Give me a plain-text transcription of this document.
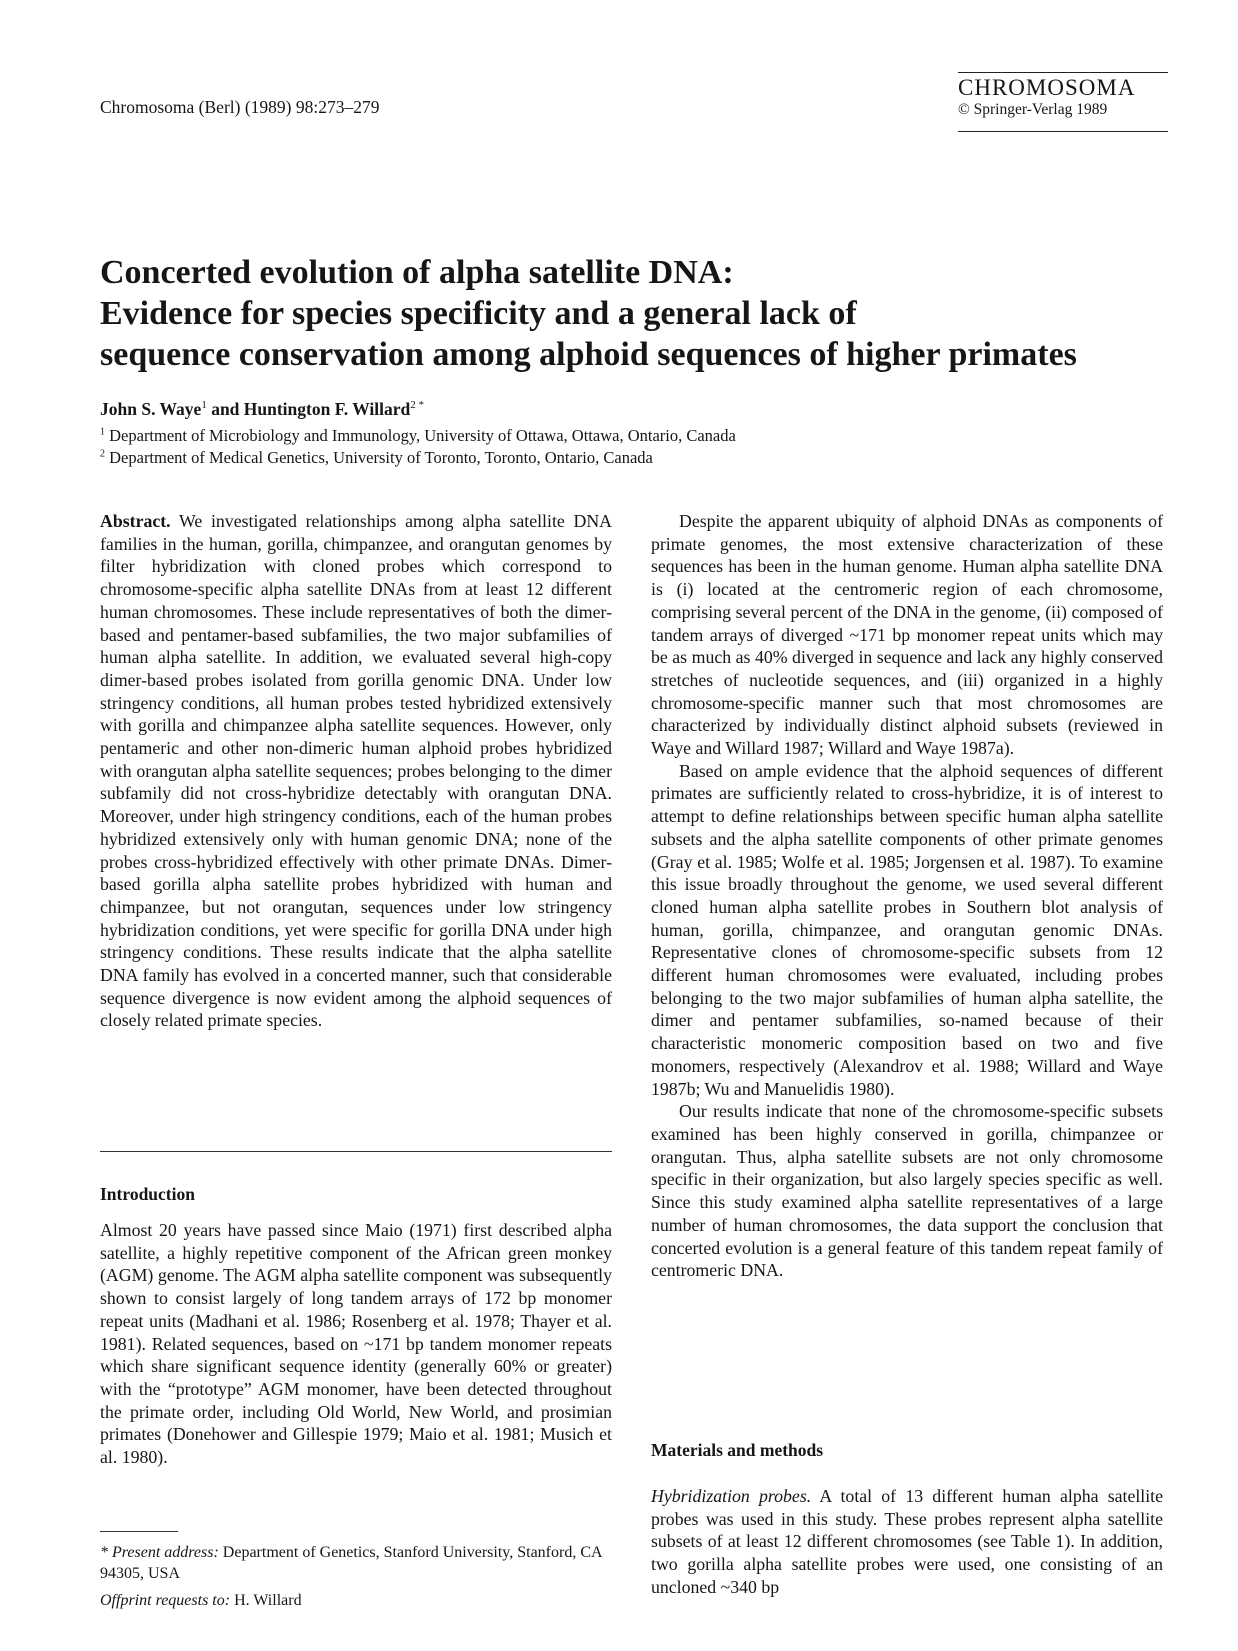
Chromosoma (Berl) (1989) 98:273–279
CHROMOSOMA
© Springer-Verlag 1989
Concerted evolution of alpha satellite DNA:
Evidence for species specificity and a general lack of
sequence conservation among alphoid sequences of higher primates
John S. Waye$^1$ and Huntington F. Willard$^{2 *}$
$^1$ Department of Microbiology and Immunology, University of Ottawa, Ottawa, Ontario, Canada
$^2$ Department of Medical Genetics, University of Toronto, Toronto, Ontario, Canada

Abstract. We investigated relationships among alpha satellite DNA families in the human, gorilla, chimpanzee, and orangutan genomes by filter hybridization with cloned probes which correspond to chromosome-specific alpha satellite DNAs from at least 12 different human chromosomes. These include representatives of both the dimer-based and pentamer-based subfamilies, the two major subfamilies of human alpha satellite. In addition, we evaluated several high-copy dimer-based probes isolated from gorilla genomic DNA. Under low stringency conditions, all human probes tested hybridized extensively with gorilla and chimpanzee alpha satellite sequences. However, only pentameric and other non-dimeric human alphoid probes hybridized with orangutan alpha satellite sequences; probes belonging to the dimer subfamily did not cross-hybridize detectably with orangutan DNA. Moreover, under high stringency conditions, each of the human probes hybridized extensively only with human genomic DNA; none of the probes cross-hybridized effectively with other primate DNAs. Dimer-based gorilla alpha satellite probes hybridized with human and chimpanzee, but not orangutan, sequences under low stringency hybridization conditions, yet were specific for gorilla DNA under high stringency conditions. These results indicate that the alpha satellite DNA family has evolved in a concerted manner, such that considerable sequence divergence is now evident among the alphoid sequences of closely related primate species.

Introduction

Almost 20 years have passed since Maio (1971) first described alpha satellite, a highly repetitive component of the African green monkey (AGM) genome. The AGM alpha satellite component was subsequently shown to consist largely of long tandem arrays of 172 bp monomer repeat units (Madhani et al. 1986; Rosenberg et al. 1978; Thayer et al. 1981). Related sequences, based on ~171 bp tandem monomer repeats which share significant sequence identity (generally 60% or greater) with the “prototype” AGM monomer, have been detected throughout the primate order, including Old World, New World, and prosimian primates (Donehower and Gillespie 1979; Maio et al. 1981; Musich et al. 1980).

* Present address: Department of Genetics, Stanford University, Stanford, CA 94305, USA
Offprint requests to: H. Willard

Despite the apparent ubiquity of alphoid DNAs as components of primate genomes, the most extensive characterization of these sequences has been in the human genome. Human alpha satellite DNA is (i) located at the centromeric region of each chromosome, comprising several percent of the DNA in the genome, (ii) composed of tandem arrays of diverged ~171 bp monomer repeat units which may be as much as 40% diverged in sequence and lack any highly conserved stretches of nucleotide sequences, and (iii) organized in a highly chromosome-specific manner such that most chromosomes are characterized by individually distinct alphoid subsets (reviewed in Waye and Willard 1987; Willard and Waye 1987a).

Based on ample evidence that the alphoid sequences of different primates are sufficiently related to cross-hybridize, it is of interest to attempt to define relationships between specific human alpha satellite subsets and the alpha satellite components of other primate genomes (Gray et al. 1985; Wolfe et al. 1985; Jorgensen et al. 1987). To examine this issue broadly throughout the genome, we used several different cloned human alpha satellite probes in Southern blot analysis of human, gorilla, chimpanzee, and orangutan genomic DNAs. Representative clones of chromosome-specific subsets from 12 different human chromosomes were evaluated, including probes belonging to the two major subfamilies of human alpha satellite, the dimer and pentamer subfamilies, so-named because of their characteristic monomeric composition based on two and five monomers, respectively (Alexandrov et al. 1988; Willard and Waye 1987b; Wu and Manuelidis 1980).

Our results indicate that none of the chromosome-specific subsets examined has been highly conserved in gorilla, chimpanzee or orangutan. Thus, alpha satellite subsets are not only chromosome specific in their organization, but also largely species specific as well. Since this study examined alpha satellite representatives of a large number of human chromosomes, the data support the conclusion that concerted evolution is a general feature of this tandem repeat family of centromeric DNA.

Materials and methods

Hybridization probes. A total of 13 different human alpha satellite probes was used in this study. These probes represent alpha satellite subsets of at least 12 different chromosomes (see Table 1). In addition, two gorilla alpha satellite probes were used, one consisting of an uncloned ~340 bp
